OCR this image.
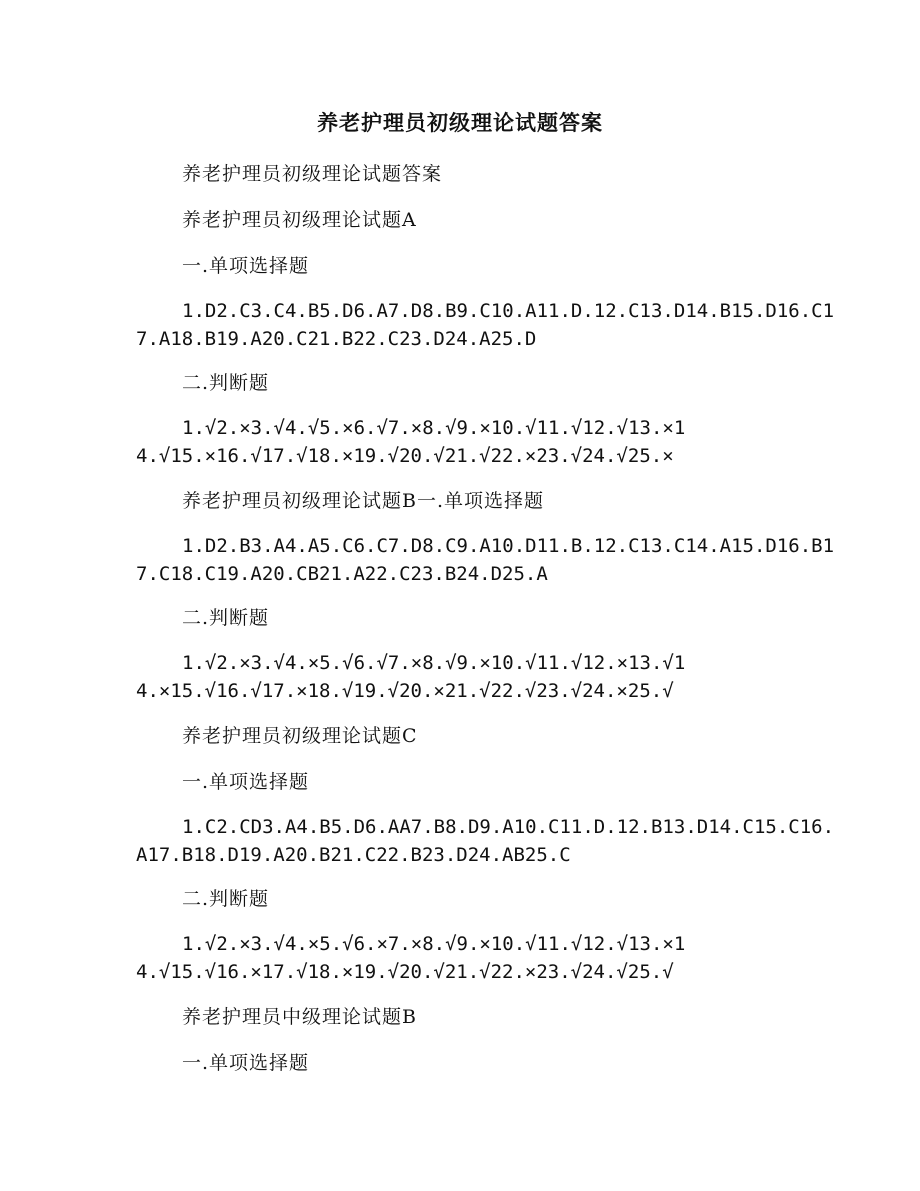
养老护理员初级理论试题答案
养老护理员初级理论试题答案
养老护理员初级理论试题A
一.单项选择题
1.D2.C3.C4.B5.D6.A7.D8.B9.C10.A11.D.12.C13.D14.B15.D16.C1
7.A18.B19.A20.C21.B22.C23.D24.A25.D
二.判断题
1.√2.×3.√4.√5.×6.√7.×8.√9.×10.√11.√12.√13.×1
4.√15.×16.√17.√18.×19.√20.√21.√22.×23.√24.√25.×
养老护理员初级理论试题B一.单项选择题
1.D2.B3.A4.A5.C6.C7.D8.C9.A10.D11.B.12.C13.C14.A15.D16.B1
7.C18.C19.A20.CB21.A22.C23.B24.D25.A
二.判断题
1.√2.×3.√4.×5.√6.√7.×8.√9.×10.√11.√12.×13.√1
4.×15.√16.√17.×18.√19.√20.×21.√22.√23.√24.×25.√
养老护理员初级理论试题C
一.单项选择题
1.C2.CD3.A4.B5.D6.AA7.B8.D9.A10.C11.D.12.B13.D14.C15.C16.
A17.B18.D19.A20.B21.C22.B23.D24.AB25.C
二.判断题
1.√2.×3.√4.×5.√6.×7.×8.√9.×10.√11.√12.√13.×1
4.√15.√16.×17.√18.×19.√20.√21.√22.×23.√24.√25.√
养老护理员中级理论试题B
一.单项选择题
